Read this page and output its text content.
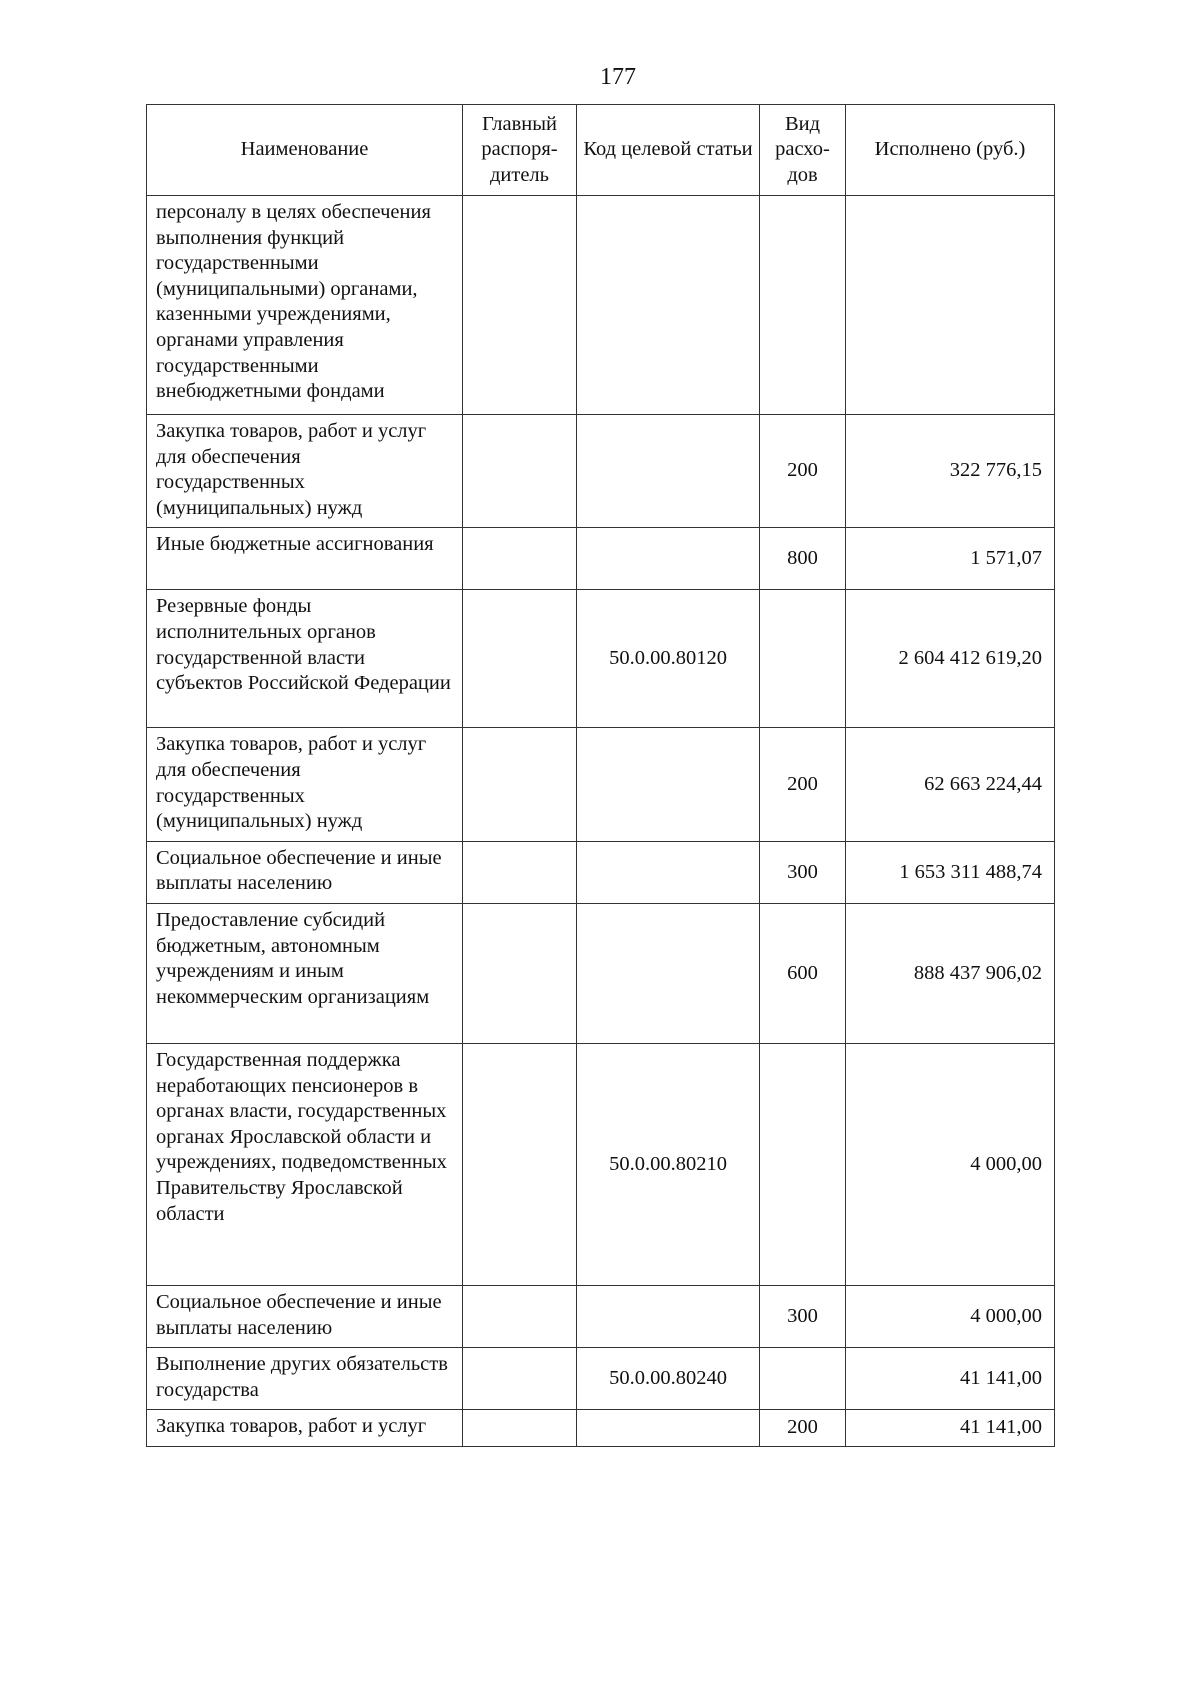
177
Наименование	Главный распоря-дитель	Код целевой статьи	Вид расхо-дов	Исполнено (руб.)
персоналу в целях обеспечения выполнения функций государственными (муниципальными) органами, казенными учреждениями, органами управления государственными внебюджетными фондами				
Закупка товаров, работ и услуг для обеспечения государственных (муниципальных) нужд			200	322 776,15
Иные бюджетные ассигнования			800	1 571,07
Резервные фонды исполнительных органов государственной власти субъектов Российской Федерации		50.0.00.80120		2 604 412 619,20
Закупка товаров, работ и услуг для обеспечения государственных (муниципальных) нужд			200	62 663 224,44
Социальное обеспечение и иные выплаты населению			300	1 653 311 488,74
Предоставление субсидий бюджетным, автономным учреждениям и иным некоммерческим организациям			600	888 437 906,02
Государственная поддержка неработающих пенсионеров в органах власти, государственных органах Ярославской области и учреждениях, подведомственных Правительству Ярославской области		50.0.00.80210		4 000,00
Социальное обеспечение и иные выплаты населению			300	4 000,00
Выполнение других обязательств государства		50.0.00.80240		41 141,00
Закупка товаров, работ и услуг			200	41 141,00
